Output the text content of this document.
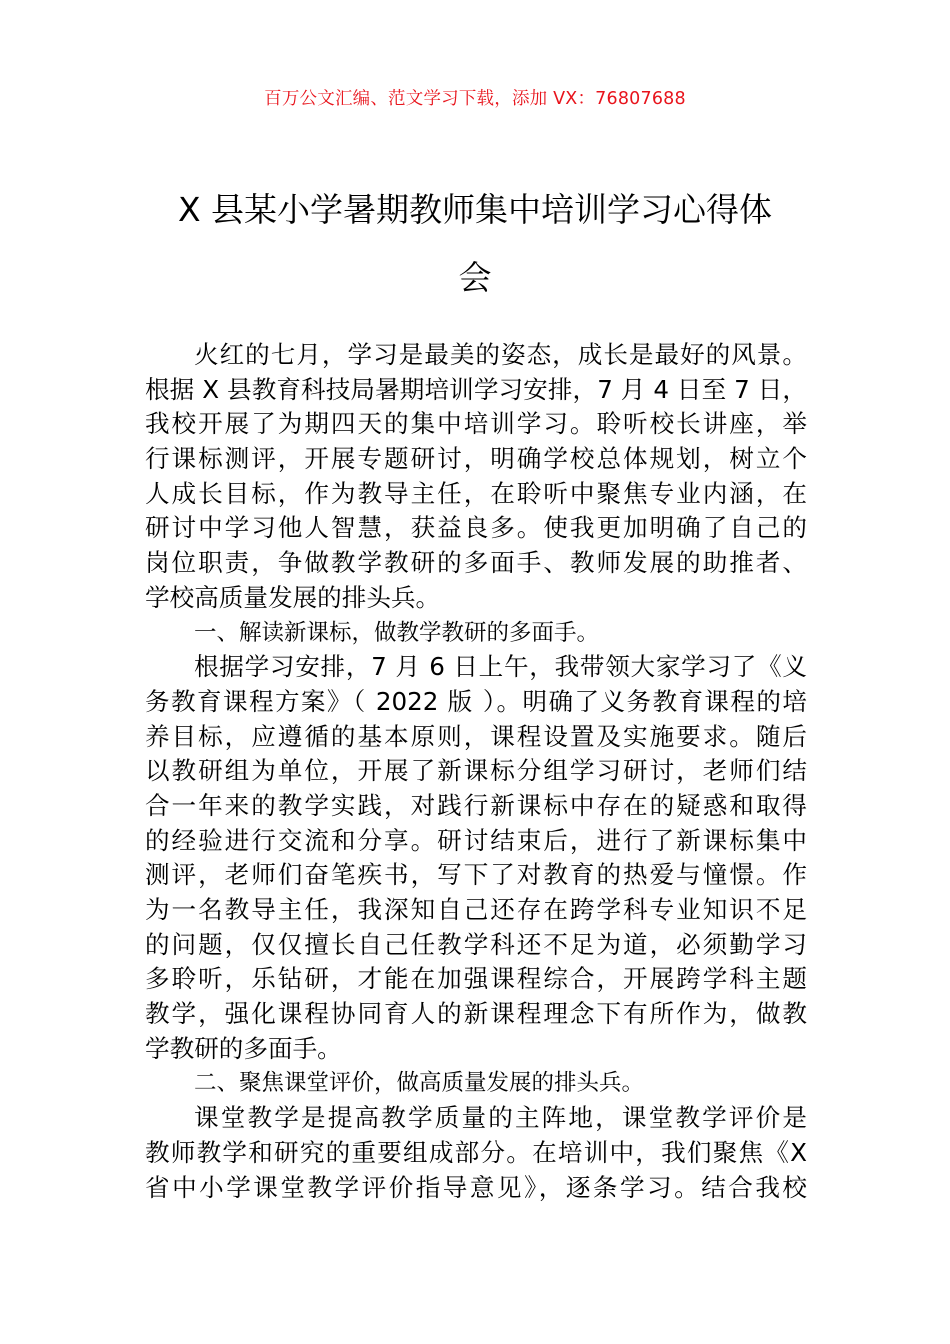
百万公文汇编、范文学习下载，添加 VX：76807688
X 县某小学暑期教师集中培训学习心得体
会
火红的七月，学习是最美的姿态，成长是最好的风景。
根据 X 县教育科技局暑期培训学习安排，7 月 4 日至 7 日，
我校开展了为期四天的集中培训学习。聆听校长讲座，举
行课标测评，开展专题研讨，明确学校总体规划，树立个
人成长目标，作为教导主任，在聆听中聚焦专业内涵，在
研讨中学习他人智慧，获益良多。使我更加明确了自己的
岗位职责，争做教学教研的多面手、教师发展的助推者、
学校高质量发展的排头兵。
一、解读新课标，做教学教研的多面手。
根据学习安排，7 月 6 日上午，我带领大家学习了《义
务教育课程方案》（ 2022 版 ）。明确了义务教育课程的培
养目标，应遵循的基本原则，课程设置及实施要求。随后
以教研组为单位，开展了新课标分组学习研讨，老师们结
合一年来的教学实践，对践行新课标中存在的疑惑和取得
的经验进行交流和分享。研讨结束后，进行了新课标集中
测评，老师们奋笔疾书，写下了对教育的热爱与憧憬。作
为一名教导主任，我深知自己还存在跨学科专业知识不足
的问题，仅仅擅长自己任教学科还不足为道，必须勤学习
多聆听，乐钻研，才能在加强课程综合，开展跨学科主题
教学，强化课程协同育人的新课程理念下有所作为，做教
学教研的多面手。
二、聚焦课堂评价，做高质量发展的排头兵。
课堂教学是提高教学质量的主阵地，课堂教学评价是
教师教学和研究的重要组成部分。在培训中，我们聚焦《X
省中小学课堂教学评价指导意见》，逐条学习。结合我校
